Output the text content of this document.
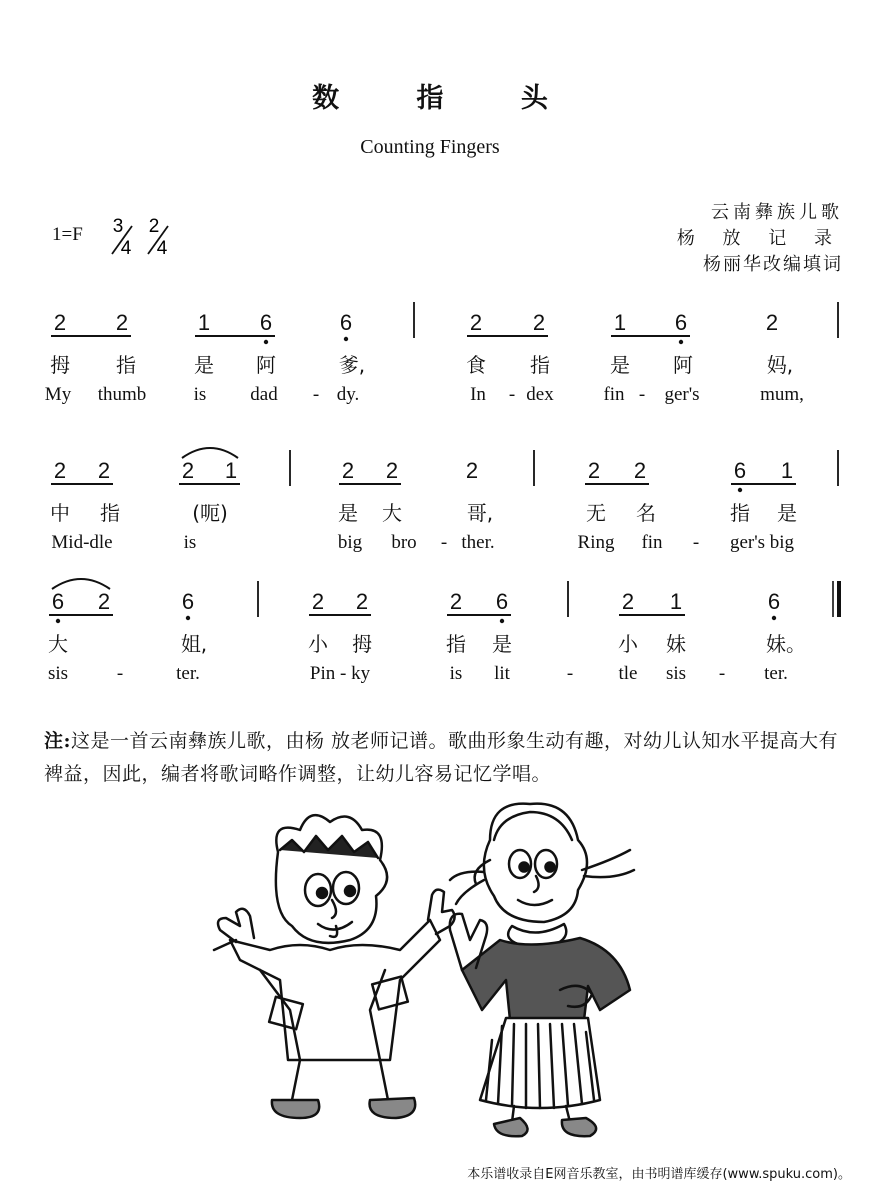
数 指 头
Counting Fingers
1=F 3
4
2
4
云南彝族儿歌
杨 放 记 录
杨丽华改编填词
2 2	1 6	6	2 2	1 6	2
拇 指	是 阿	爹,	食 指	是 阿	妈,
My thumb is dad - dy.	In - dex	fin - ger's	mum,
2 2	2 1	2 2	2	2 2	6 1
中 指	(呃)	是 大	哥,	无 名	指 是
Mid-dle	is	big bro - ther.	Ring fin - ger's big
6 2	6	2 2	2 6	2 1	6
大	姐,	小 拇	指 是	小 妹	妹。
sis	-	ter.	Pin - ky	is lit	- tle sis - ter.
注:这是一首云南彝族儿歌，由杨 放老师记谱。歌曲形象生动有趣，对幼儿认知水平提高大有裨益，因此，编者将歌词略作调整，让幼儿容易记忆学唱。
本乐谱收录自E网音乐教室，由书明谱库缓存(www.spuku.com)。
